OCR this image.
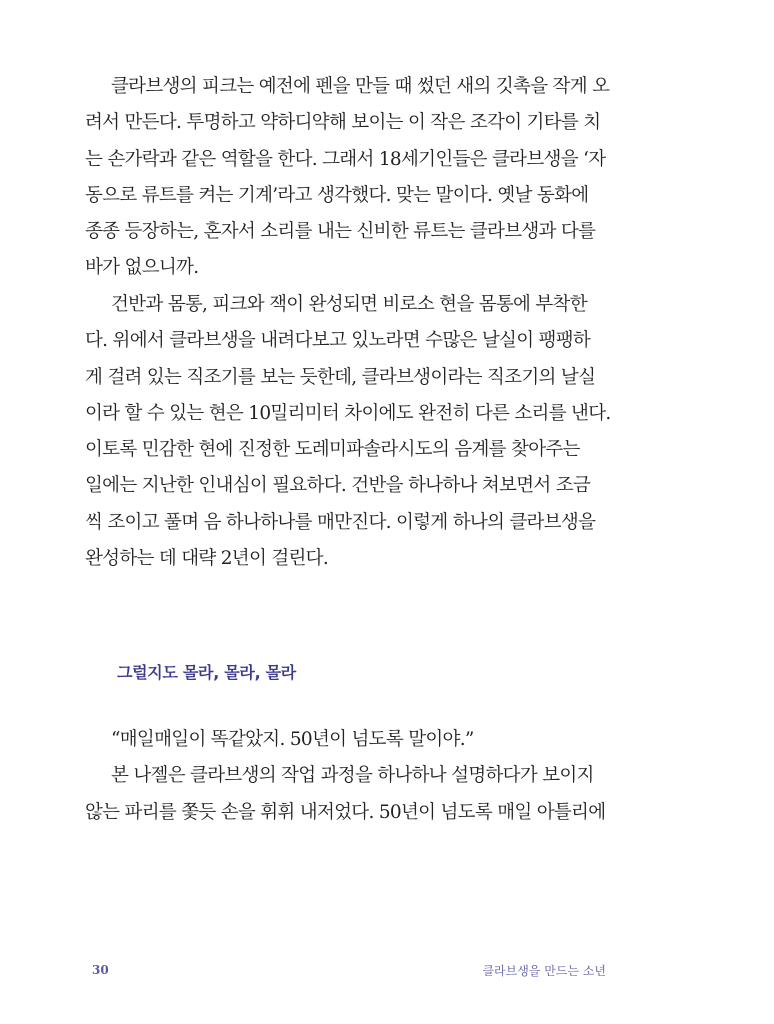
클라브생의 피크는 예전에 펜을 만들 때 썼던 새의 깃촉을 작게 오
려서 만든다. 투명하고 약하디약해 보이는 이 작은 조각이 기타를 치
는 손가락과 같은 역할을 한다. 그래서 18세기인들은 클라브생을 ‘자
동으로 류트를 켜는 기계’라고 생각했다. 맞는 말이다. 옛날 동화에
종종 등장하는, 혼자서 소리를 내는 신비한 류트는 클라브생과 다를
바가 없으니까.

건반과 몸통, 피크와 잭이 완성되면 비로소 현을 몸통에 부착한
다. 위에서 클라브생을 내려다보고 있노라면 수많은 날실이 팽팽하
게 걸려 있는 직조기를 보는 듯한데, 클라브생이라는 직조기의 날실
이라 할 수 있는 현은 10밀리미터 차이에도 완전히 다른 소리를 낸다.
이토록 민감한 현에 진정한 도레미파솔라시도의 음계를 찾아주는
일에는 지난한 인내심이 필요하다. 건반을 하나하나 쳐보면서 조금
씩 조이고 풀며 음 하나하나를 매만진다. 이렇게 하나의 클라브생을
완성하는 데 대략 2년이 걸린다.

그럴지도 몰라, 몰라, 몰라

“매일매일이 똑같았지. 50년이 넘도록 말이야.”
본 나젤은 클라브생의 작업 과정을 하나하나 설명하다가 보이지
않는 파리를 쫓듯 손을 휘휘 내저었다. 50년이 넘도록 매일 아틀리에

30	클라브생을 만드는 소년
